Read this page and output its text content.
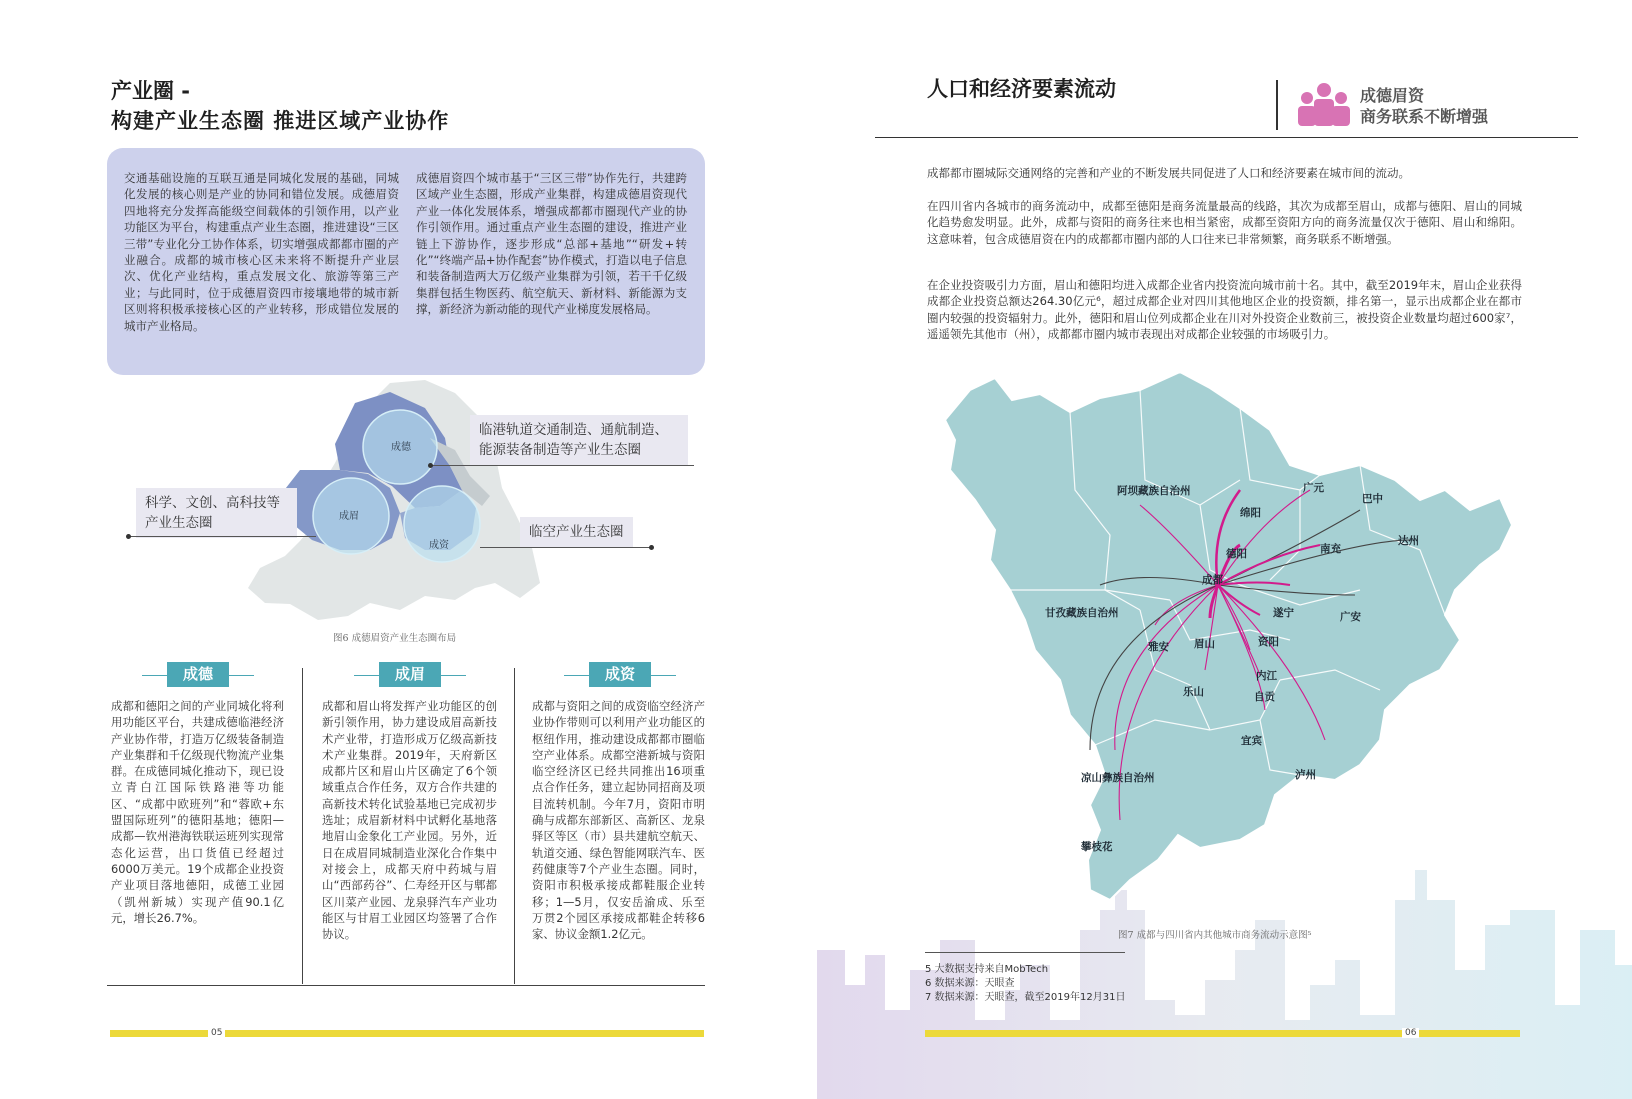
产业圈 -
构建产业生态圈 推进区域产业协作
交通基础设施的互联互通是同城化发展的基础，同城化发展的核心则是产业的协同和错位发展。成德眉资四地将充分发挥高能级空间载体的引领作用，以产业功能区为平台，构建重点产业生态圈，推进建设“三区三带”专业化分工协作体系，切实增强成都都市圈的产业融合。成都的城市核心区未来将不断提升产业层次、优化产业结构，重点发展文化、旅游等第三产业；与此同时，位于成德眉资四市接壤地带的城市新区则将积极承接核心区的产业转移，形成错位发展的城市产业格局。
成德眉资四个城市基于“三区三带”协作先行，共建跨区域产业生态圈，形成产业集群，构建成德眉资现代产业一体化发展体系，增强成都都市圈现代产业的协作引领作用。通过重点产业生态圈的建设，推进产业链上下游协作，逐步形成“总部+基地”“研发+转化”“终端产品+协作配套”协作模式，打造以电子信息和装备制造两大万亿级产业集群为引领，若干千亿级集群包括生物医药、航空航天、新材料、新能源为支撑，新经济为新动能的现代产业梯度发展格局。
成德
成眉
成资
临港轨道交通制造、通航制造、能源装备制造等产业生态圈
科学、文创、高科技等产业生态圈
临空产业生态圈
图6 成德眉资产业生态圈布局
成德	成眉	成资
成都和德阳之间的产业同城化将利用功能区平台，共建成德临港经济产业协作带，打造万亿级装备制造产业集群和千亿级现代物流产业集群。在成德同城化推动下，现已设立青白江国际铁路港等功能区、“成都中欧班列”和“蓉欧+东盟国际班列”的德阳基地；德阳—成都—钦州港海铁联运班列实现常态化运营，出口货值已经超过6000万美元。19个成都企业投资产业项目落地德阳，成德工业园（凯州新城）实现产值90.1亿元，增长26.7%。
成都和眉山将发挥产业功能区的创新引领作用，协力建设成眉高新技术产业带，打造形成万亿级高新技术产业集群。2019年，天府新区成都片区和眉山片区确定了6个领域重点合作任务，双方合作共建的高新技术转化试验基地已完成初步选址；成眉新材料中试孵化基地落地眉山金象化工产业园。另外，近日在成眉同城制造业深化合作集中对接会上，成都天府中药城与眉山“西部药谷”、仁寿经开区与郫都区川菜产业园、龙泉驿汽车产业功能区与甘眉工业园区均签署了合作协议。
成都与资阳之间的成资临空经济产业协作带则可以利用产业功能区的枢纽作用，推动建设成都都市圈临空产业体系。成都空港新城与资阳临空经济区已经共同推出16项重点合作任务，建立起协同招商及项目流转机制。今年7月，资阳市明确与成都东部新区、高新区、龙泉驿区等区（市）县共建航空航天、轨道交通、绿色智能网联汽车、医药健康等7个产业生态圈。同时，资阳市积极承接成都鞋服企业转移；1—5月，仅安岳渝成、乐至万贯2个园区承接成都鞋企转移6家、协议金额1.2亿元。
05
人口和经济要素流动	成德眉资
商务联系不断增强
成都都市圈城际交通网络的完善和产业的不断发展共同促进了人口和经济要素在城市间的流动。
在四川省内各城市的商务流动中，成都至德阳是商务流量最高的线路，其次为成都至眉山，成都与德阳、眉山的同城化趋势愈发明显。此外，成都与资阳的商务往来也相当紧密，成都至资阳方向的商务流量仅次于德阳、眉山和绵阳。这意味着，包含成德眉资在内的成都都市圈内部的人口往来已非常频繁，商务联系不断增强。
在企业投资吸引力方面，眉山和德阳均进入成都企业省内投资流向城市前十名。其中，截至2019年末，眉山企业获得成都企业投资总额达264.30亿元⁶，超过成都企业对四川其他地区企业的投资额，排名第一，显示出成都企业在都市圈内较强的投资辐射力。此外，德阳和眉山位列成都企业在川对外投资企业数前三，被投资企业数量均超过600家⁷，遥遥领先其他市（州），成都都市圈内城市表现出对成都企业较强的市场吸引力。
成都
阿坝藏族自治州	广元
巴中
绵阳
达州
德阳	南充
甘孜藏族自治州	遂宁	广安
雅安 眉山	资阳
内江
乐山	自贡
宜宾
凉山彝族自治州	泸州
攀枝花
图7 成都与四川省内其他城市商务流动示意图⁵
5 大数据支持来自MobTech
6 数据来源：天眼查
7 数据来源：天眼查，截至2019年12月31日
06
